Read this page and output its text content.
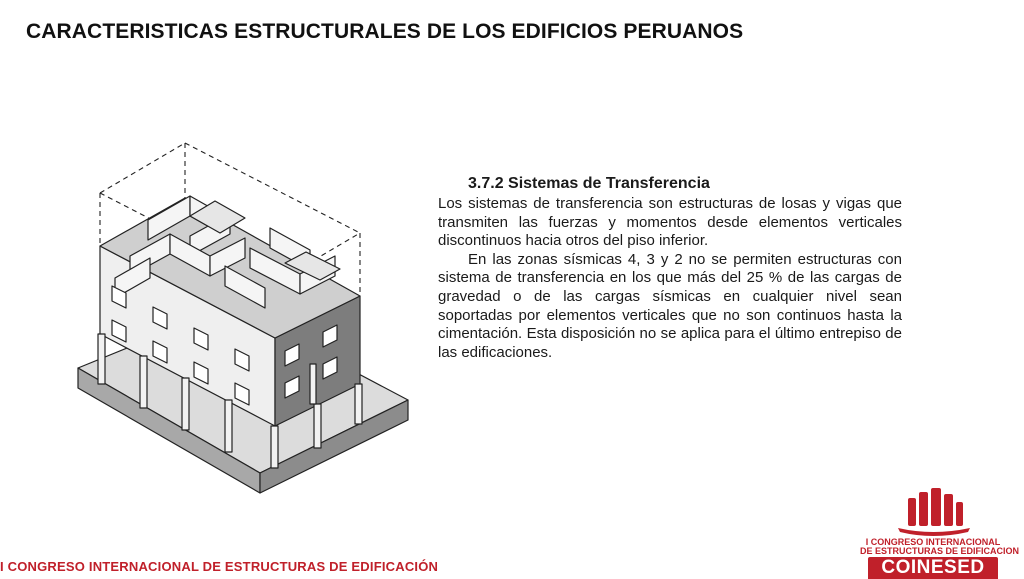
CARACTERISTICAS ESTRUCTURALES DE LOS EDIFICIOS PERUANOS
3.7.2 Sistemas de Transferencia

Los sistemas de transferencia son estructuras de losas y vigas que transmiten las fuerzas y momentos desde elementos verticales discontinuos hacia otros del piso inferior.

En las zonas sísmicas 4, 3 y 2 no se permiten estructuras con sistema de transferencia en los que más del 25 % de las cargas de gravedad o de las cargas sísmicas en cualquier nivel sean soportadas por elementos verticales que no son continuos hasta la cimentación. Esta disposición no se aplica para el último entrepiso de las edificaciones.

I CONGRESO INTERNACIONAL DE ESTRUCTURAS DE EDIFICACIÓN
I CONGRESO INTERNACIONAL
DE ESTRUCTURAS DE EDIFICACION
COINESED
